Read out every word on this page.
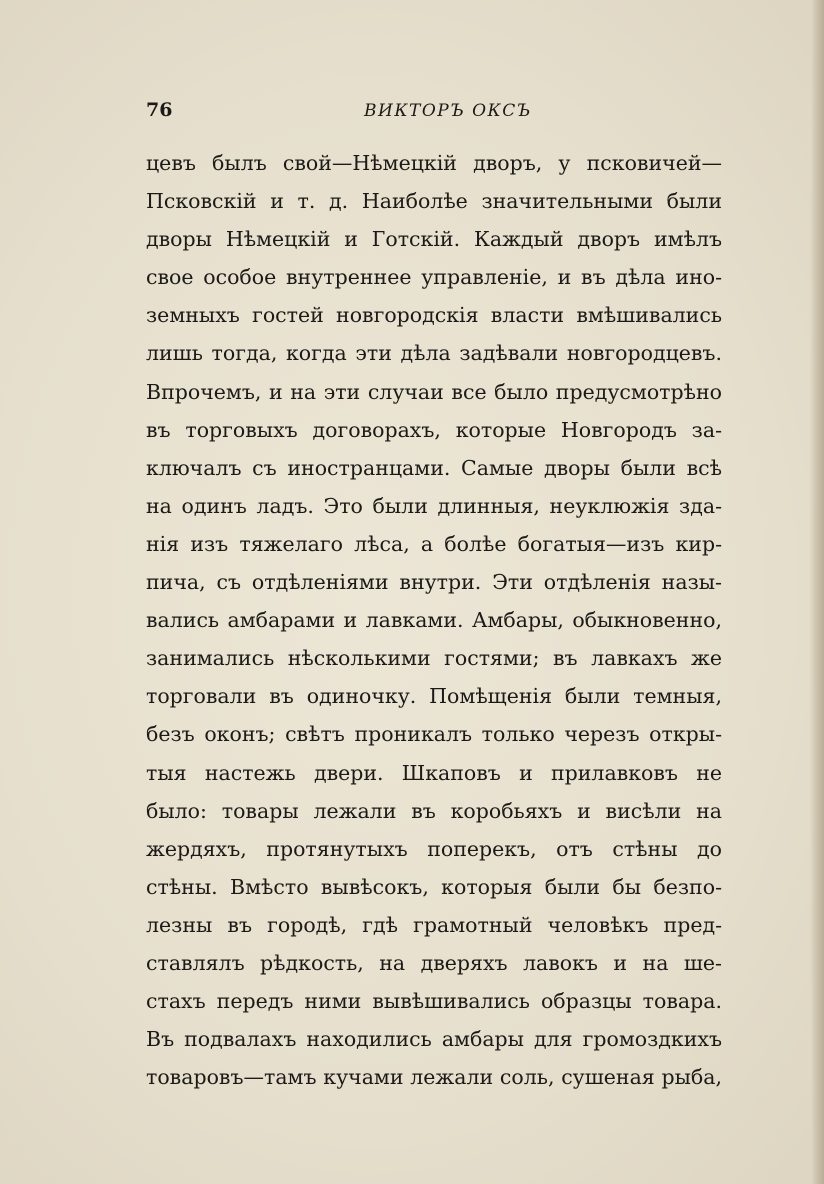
76	ВИКТОРЪ ОКСЪ
цевъ былъ свой—Нѣмецкій дворъ, у псковичей—
Псковскій и т. д. Наиболѣе значительными были
дворы Нѣмецкій и Готскій. Каждый дворъ имѣлъ
свое особое внутреннее управленіе, и въ дѣла ино-
земныхъ гостей новгородскія власти вмѣшивались
лишь тогда, когда эти дѣла задѣвали новгородцевъ.
Впрочемъ, и на эти случаи все было предусмотрѣно
въ торговыхъ договорахъ, которые Новгородъ за-
ключалъ съ иностранцами. Самые дворы были всѣ
на одинъ ладъ. Это были длинныя, неуклюжія зда-
нія изъ тяжелаго лѣса, а болѣе богатыя—изъ кир-
пича, съ отдѣленіями внутри. Эти отдѣленія назы-
вались амбарами и лавками. Амбары, обыкновенно,
занимались нѣсколькими гостями; въ лавкахъ же
торговали въ одиночку. Помѣщенія были темныя,
безъ оконъ; свѣтъ проникалъ только черезъ откры-
тыя настежь двери. Шкаповъ и прилавковъ не
было: товары лежали въ коробьяхъ и висѣли на
жердяхъ, протянутыхъ поперекъ, отъ стѣны до
стѣны. Вмѣсто вывѣсокъ, которыя были бы безпо-
лезны въ городѣ, гдѣ грамотный человѣкъ пред-
ставлялъ рѣдкость, на дверяхъ лавокъ и на ше-
стахъ передъ ними вывѣшивались образцы товара.
Въ подвалахъ находились амбары для громоздкихъ
товаровъ—тамъ кучами лежали соль, сушеная рыба,
